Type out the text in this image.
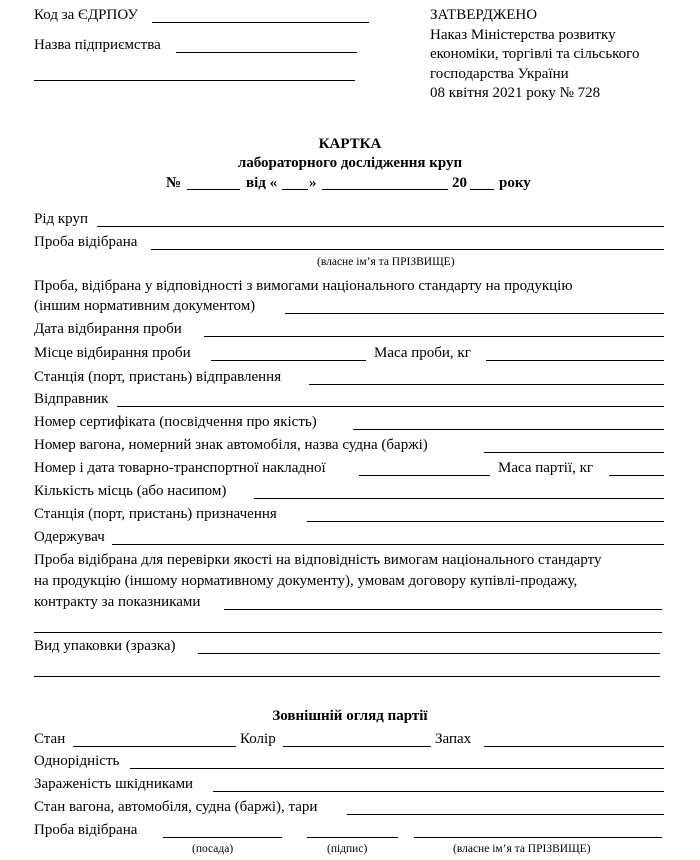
Код за ЄДРПОУ
Назва підприємства
ЗАТВЕРДЖЕНО
Наказ Міністерства розвитку
економіки, торгівлі та сільського
господарства України
08 квітня 2021 року № 728
КАРТКА
лабораторного дослідження круп
№	від « »	20 року
Рід круп
Проба відібрана
(власне ім’я та ПРІЗВИЩЕ)
Проба, відібрана у відповідності з вимогами національного стандарту на продукцію
(іншим нормативним документом)
Дата відбирання проби
Місце відбирання проби	Маса проби, кг
Станція (порт, пристань) відправлення
Відправник
Номер сертифіката (посвідчення про якість)
Номер вагона, номерний знак автомобіля, назва судна (баржі)
Номер і дата товарно-транспортної накладної	Маса партії, кг
Кількість місць (або насипом)
Станція (порт, пристань) призначення
Одержувач
Проба відібрана для перевірки якості на відповідність вимогам національного стандарту
на продукцію (іншому нормативному документу), умовам договору купівлі-продажу,
контракту за показниками
Вид упаковки (зразка)
Зовнішній огляд партії
Стан	Колір	Запах
Однорідність
Зараженість шкідниками
Стан вагона, автомобіля, судна (баржі), тари
Проба відібрана
(посада)	(підпис)	(власне ім’я та ПРІЗВИЩЕ)
